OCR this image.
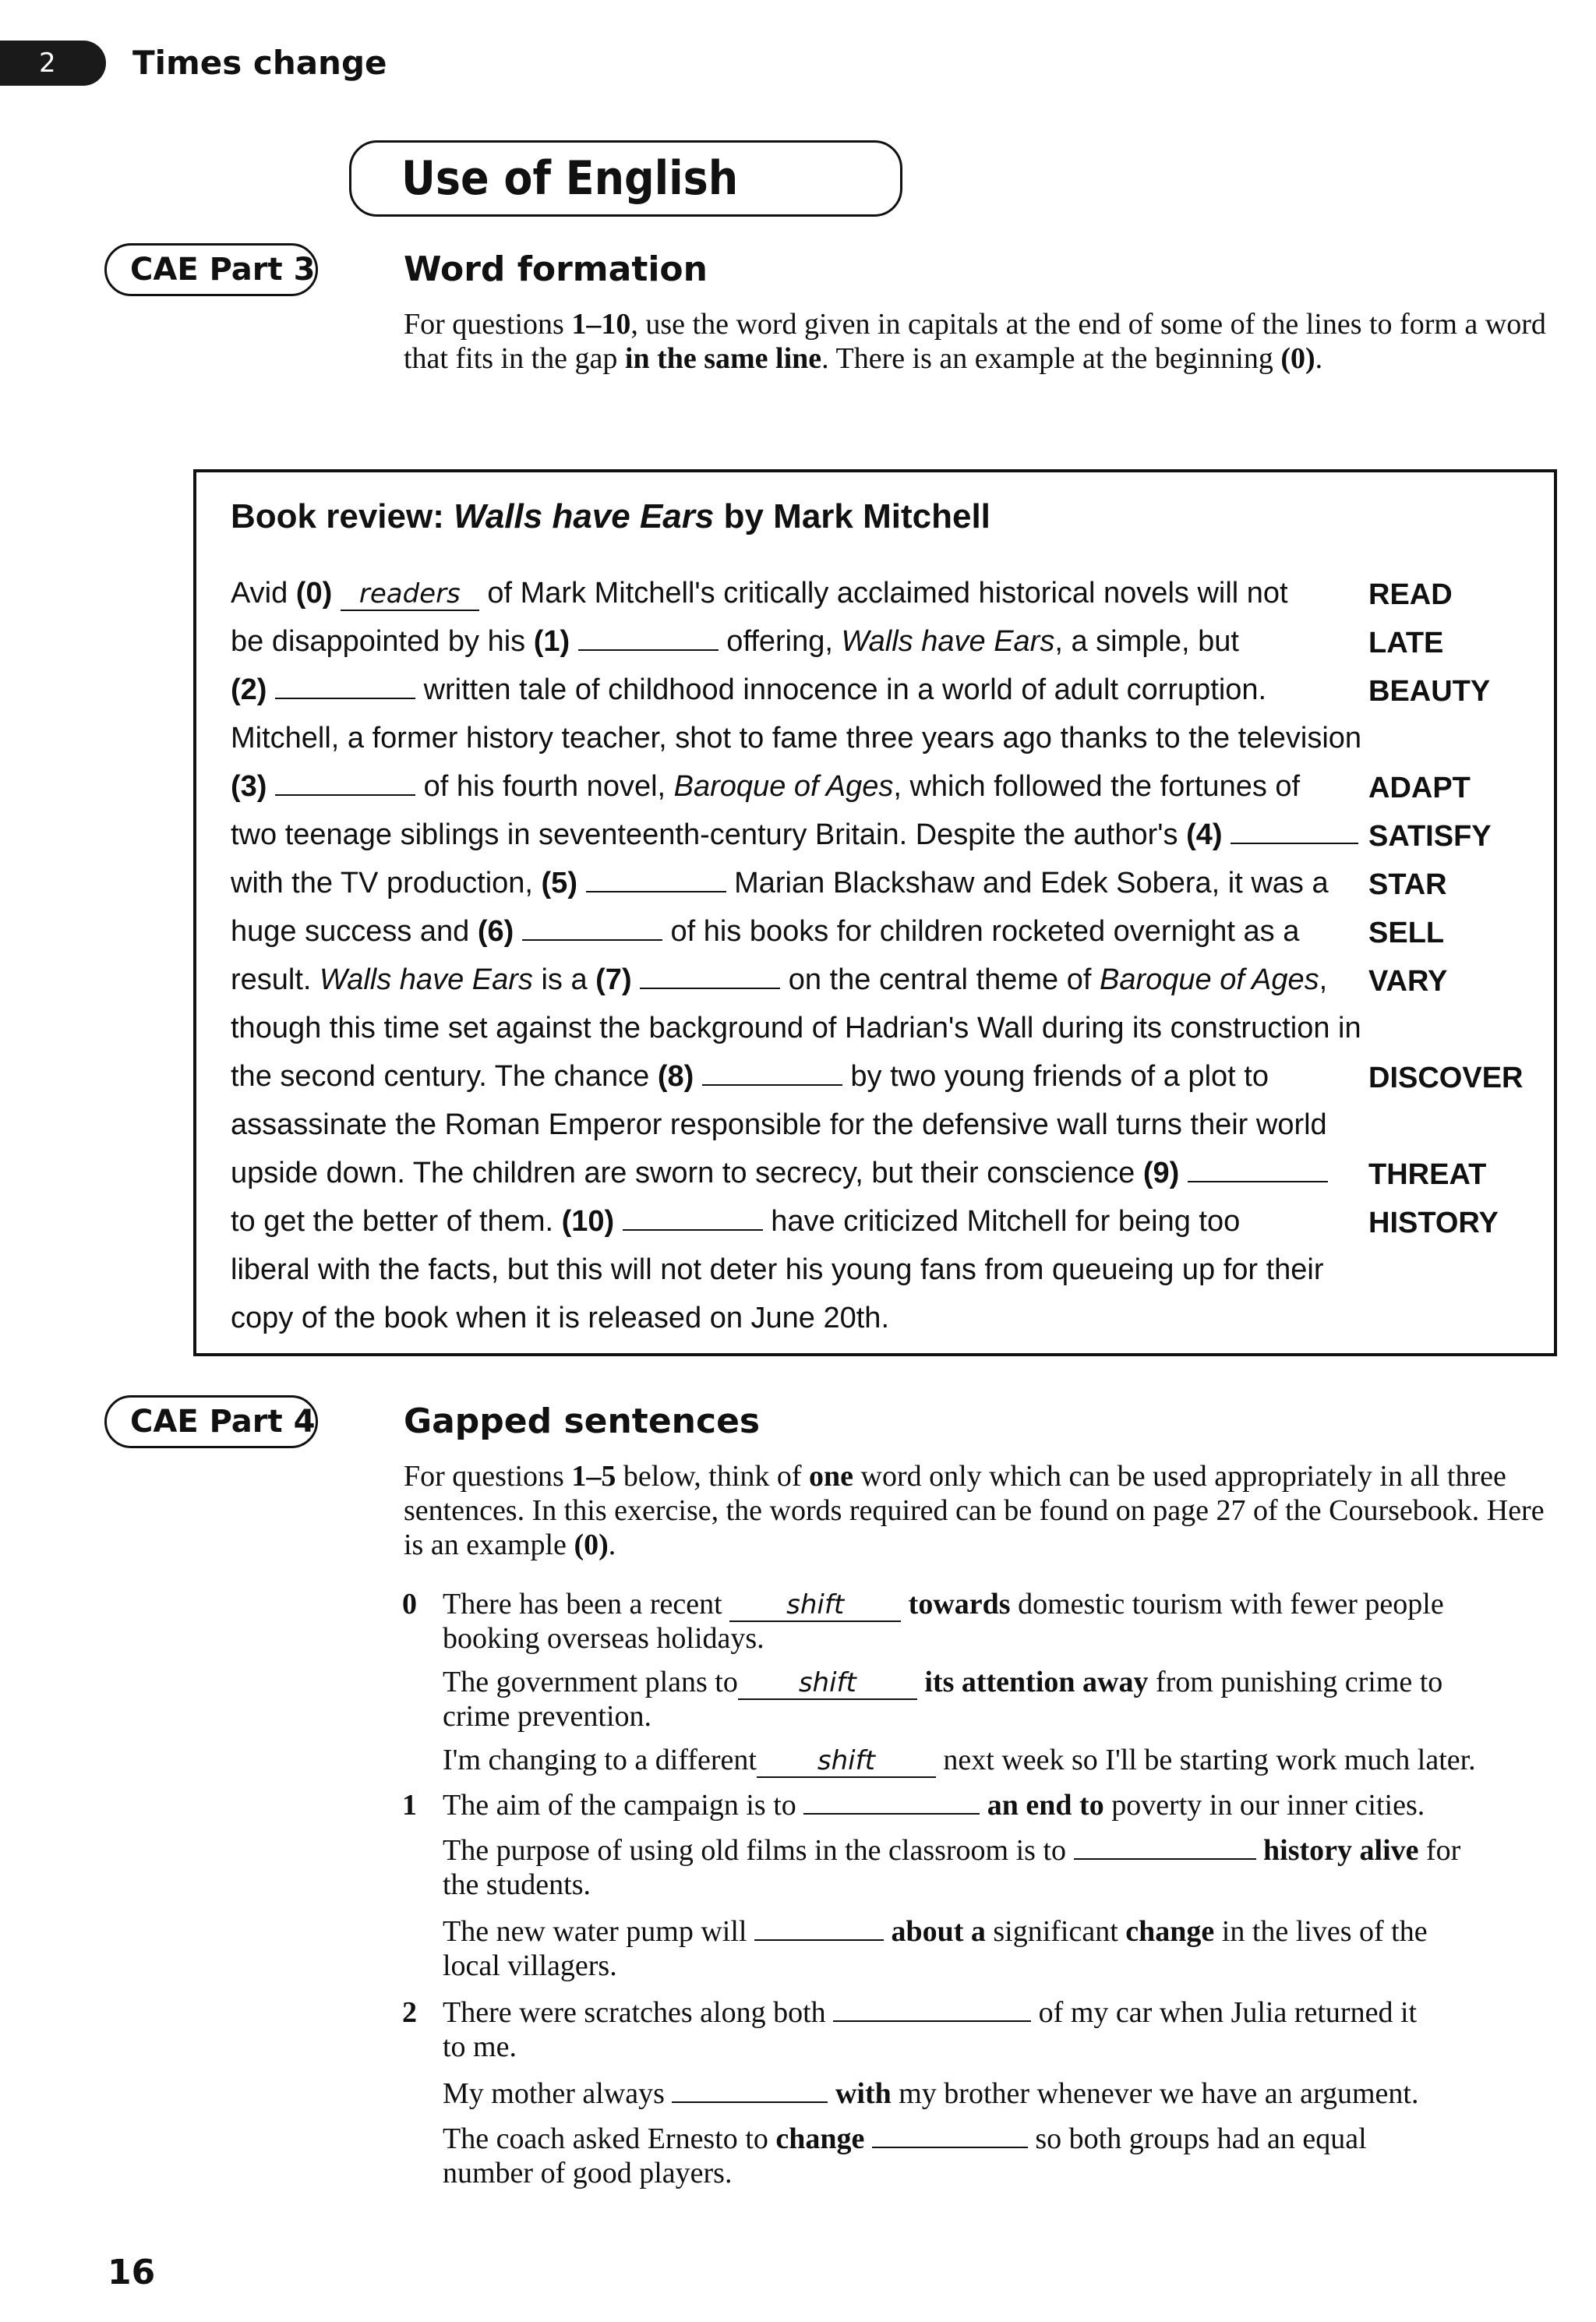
2 Times change
Use of English
CAE Part 3	Word formation
For questions 1–10, use the word given in capitals at the end of some of the lines to form a word that fits in the gap in the same line. There is an example at the beginning (0).
Book review: Walls have Ears by Mark Mitchell
Avid (0) readers of Mark Mitchell's critically acclaimed historical novels will not
be disappointed by his (1)	offering, Walls have Ears, a simple, but
(2)	written tale of childhood innocence in a world of adult corruption.
Mitchell, a former history teacher, shot to fame three years ago thanks to the television
(3)	of his fourth novel, Baroque of Ages, which followed the fortunes of
two teenage siblings in seventeenth-century Britain. Despite the author's (4)
with the TV production, (5)	Marian Blackshaw and Edek Sobera, it was a
huge success and (6)	of his books for children rocketed overnight as a
result. Walls have Ears is a (7)	on the central theme of Baroque of Ages,
though this time set against the background of Hadrian's Wall during its construction in
the second century. The chance (8)	by two young friends of a plot to
assassinate the Roman Emperor responsible for the defensive wall turns their world
upside down. The children are sworn to secrecy, but their conscience (9)
to get the better of them. (10)	have criticized Mitchell for being too
liberal with the facts, but this will not deter his young fans from queueing up for their
copy of the book when it is released on June 20th.
READ
LATE
BEAUTY
ADAPT
SATISFY
STAR
SELL
VARY
DISCOVER
THREAT
HISTORY
CAE Part 4	Gapped sentences
For questions 1–5 below, think of one word only which can be used appropriately in all three sentences. In this exercise, the words required can be found on page 27 of the Coursebook. Here is an example (0).
0 There has been a recent shift towards domestic tourism with fewer people
booking overseas holidays.
The government plans to shift its attention away from punishing crime to
crime prevention.
I'm changing to a different shift next week so I'll be starting work much later.
1 The aim of the campaign is to	an end to poverty in our inner cities.
The purpose of using old films in the classroom is to	history alive for
the students.
The new water pump will	about a significant change in the lives of the
local villagers.
2 There were scratches along both	of my car when Julia returned it
to me.
My mother always	with my brother whenever we have an argument.
The coach asked Ernesto to change	so both groups had an equal
number of good players.
16
